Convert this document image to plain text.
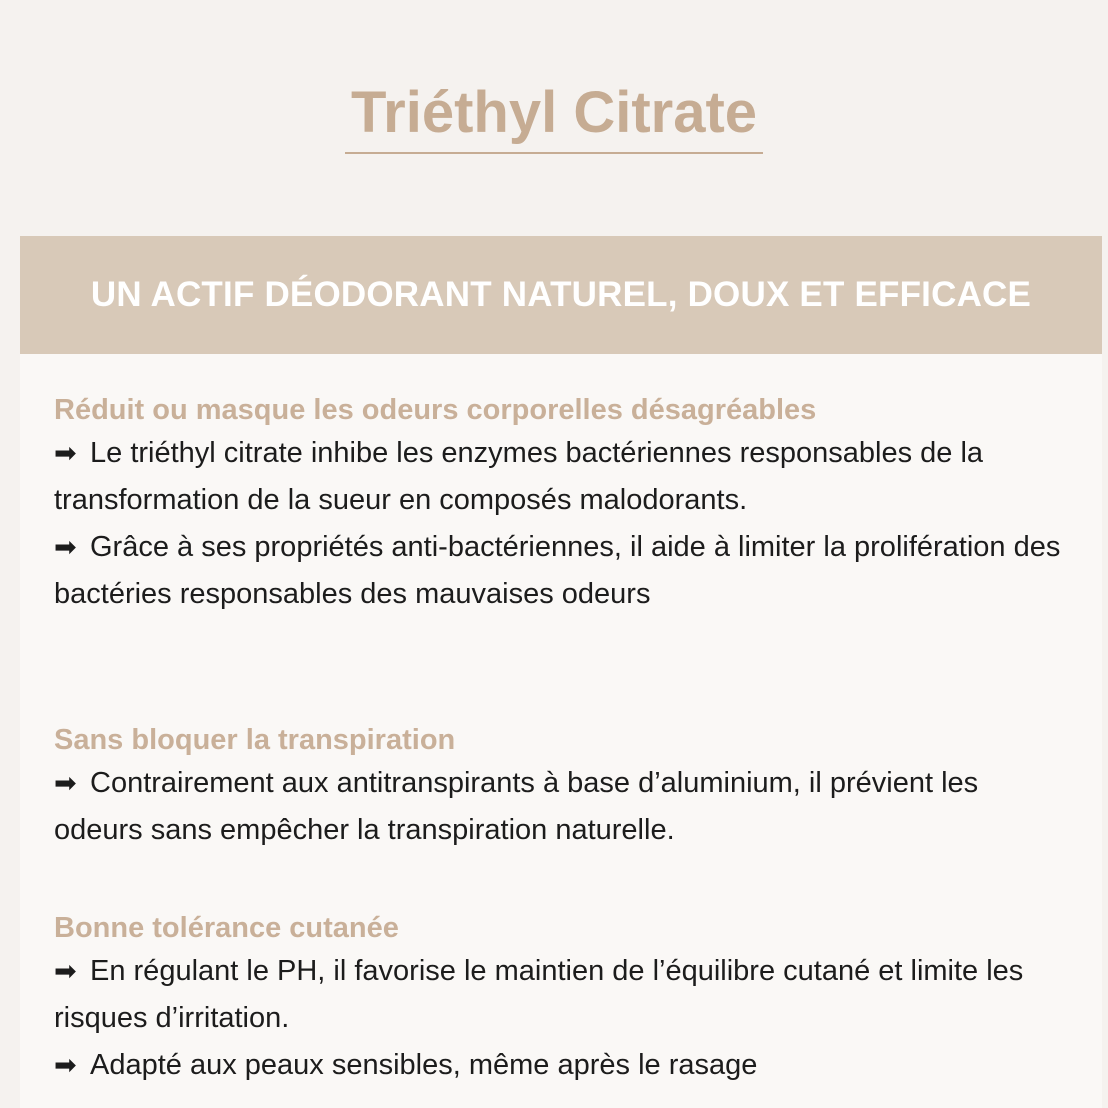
Triéthyl Citrate
UN ACTIF DÉODORANT NATUREL, DOUX ET EFFICACE
Réduit ou masque les odeurs corporelles désagréables
➡ Le triéthyl citrate inhibe les enzymes bactériennes responsables de la transformation de la sueur en composés malodorants.
➡ Grâce à ses propriétés anti-bactériennes, il aide à limiter la prolifération des bactéries responsables des mauvaises odeurs
Sans bloquer la transpiration
➡ Contrairement aux antitranspirants à base d’aluminium, il prévient les odeurs sans empêcher la transpiration naturelle.
Bonne tolérance cutanée
➡ En régulant le PH, il favorise le maintien de l’équilibre cutané et limite les risques d’irritation.
➡ Adapté aux peaux sensibles, même après le rasage
